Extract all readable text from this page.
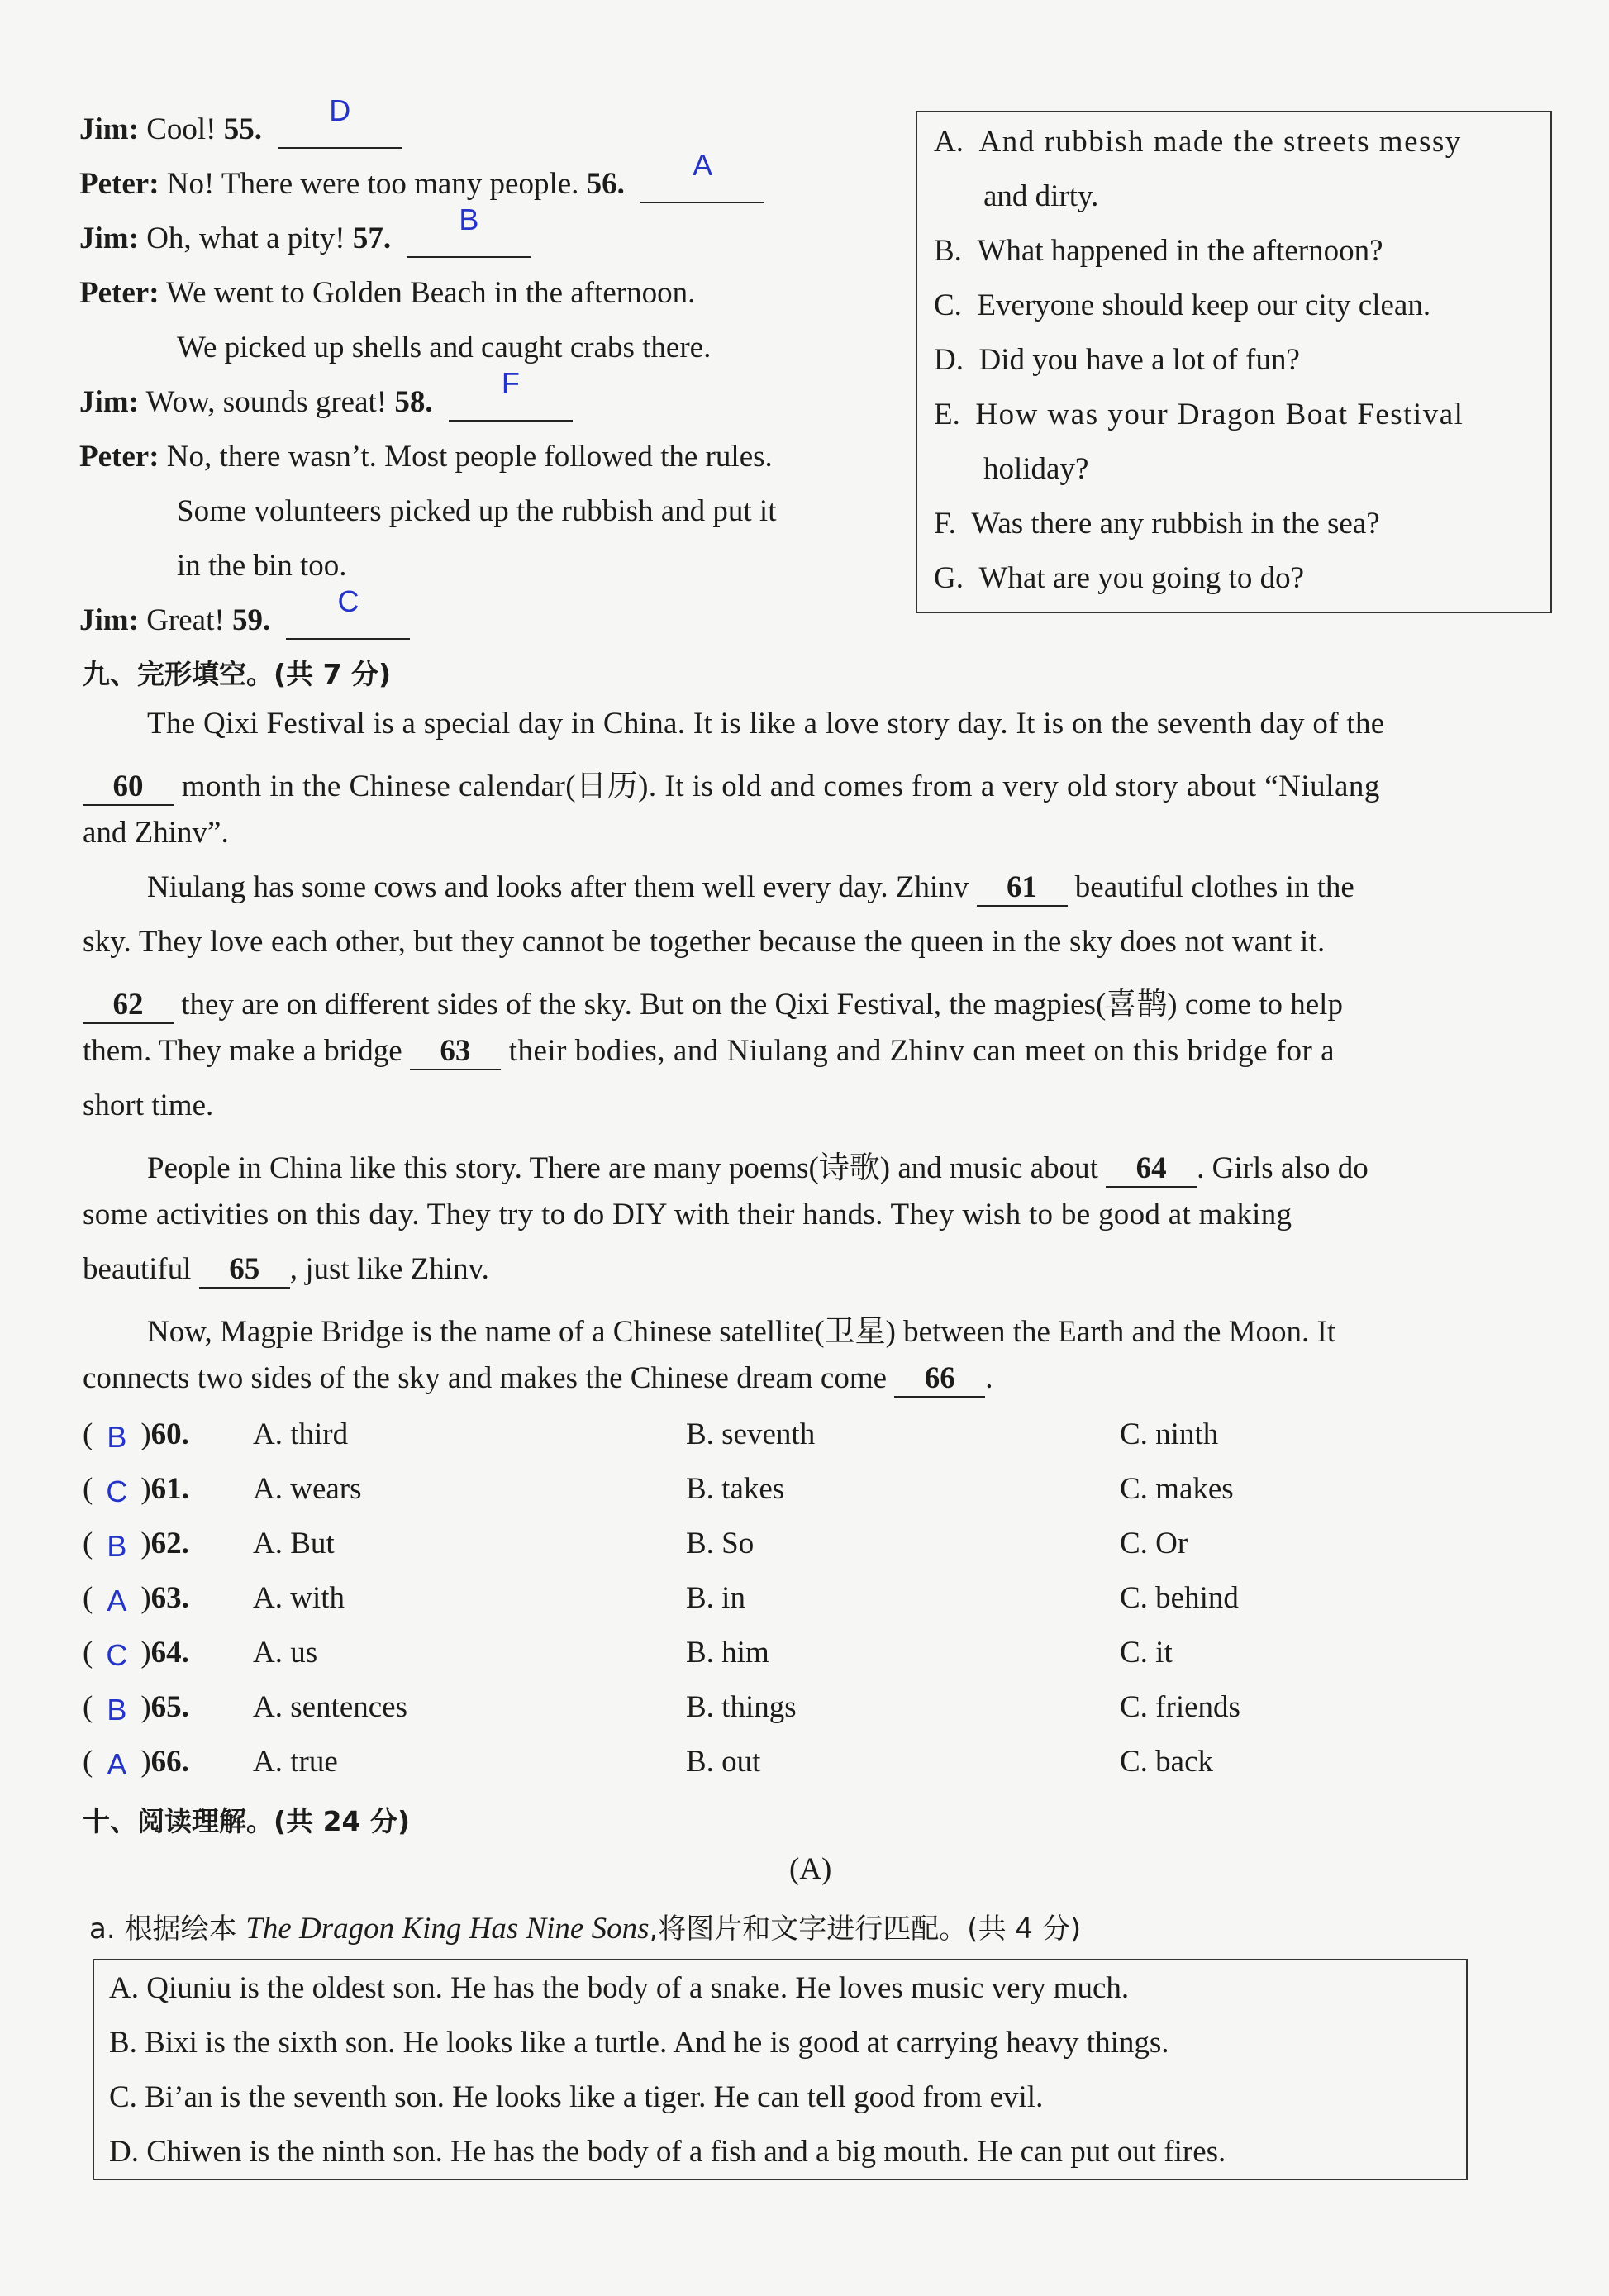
Jim: Cool! 55. D
Peter: No! There were too many people. 56. A
Jim: Oh, what a pity! 57. B
Peter: We went to Golden Beach in the afternoon.
We picked up shells and caught crabs there.
Jim: Wow, sounds great! 58. F
Peter: No, there wasn’t. Most people followed the rules.
Some volunteers picked up the rubbish and put it
in the bin too.
Jim: Great! 59. C
A. And rubbish made the streets messy
and dirty.
B. What happened in the afternoon?
C. Everyone should keep our city clean.
D. Did you have a lot of fun?
E. How was your Dragon Boat Festival
holiday?
F. Was there any rubbish in the sea?
G. What are you going to do?
九、完形填空。(共 7 分)
The Qixi Festival is a special day in China. It is like a love story day. It is on the seventh day of the
60 month in the Chinese calendar(日历). It is old and comes from a very old story about “Niulang
and Zhinv”.
Niulang has some cows and looks after them well every day. Zhinv 61 beautiful clothes in the
sky. They love each other, but they cannot be together because the queen in the sky does not want it.
62 they are on different sides of the sky. But on the Qixi Festival, the magpies(喜鹊) come to help
them. They make a bridge 63 their bodies, and Niulang and Zhinv can meet on this bridge for a
short time.
People in China like this story. There are many poems(诗歌) and music about 64 . Girls also do
some activities on this day. They try to do DIY with their hands. They wish to be good at making
beautiful 65 , just like Zhinv.
Now, Magpie Bridge is the name of a Chinese satellite(卫星) between the Earth and the Moon. It
connects two sides of the sky and makes the Chinese dream come 66 .
( B )60. A. third	B. seventh	C. ninth
( C )61. A. wears	B. takes	C. makes
( B )62. A. But	B. So	C. Or
( A )63. A. with	B. in	C. behind
( C )64. A. us	B. him	C. it
( B )65. A. sentences	B. things	C. friends
( A )66. A. true	B. out	C. back
十、阅读理解。(共 24 分)
(A)
a. 根据绘本 The Dragon King Has Nine Sons,将图片和文字进行匹配。(共 4 分)
A. Qiuniu is the oldest son. He has the body of a snake. He loves music very much.
B. Bixi is the sixth son. He looks like a turtle. And he is good at carrying heavy things.
C. Bi’an is the seventh son. He looks like a tiger. He can tell good from evil.
D. Chiwen is the ninth son. He has the body of a fish and a big mouth. He can put out fires.
